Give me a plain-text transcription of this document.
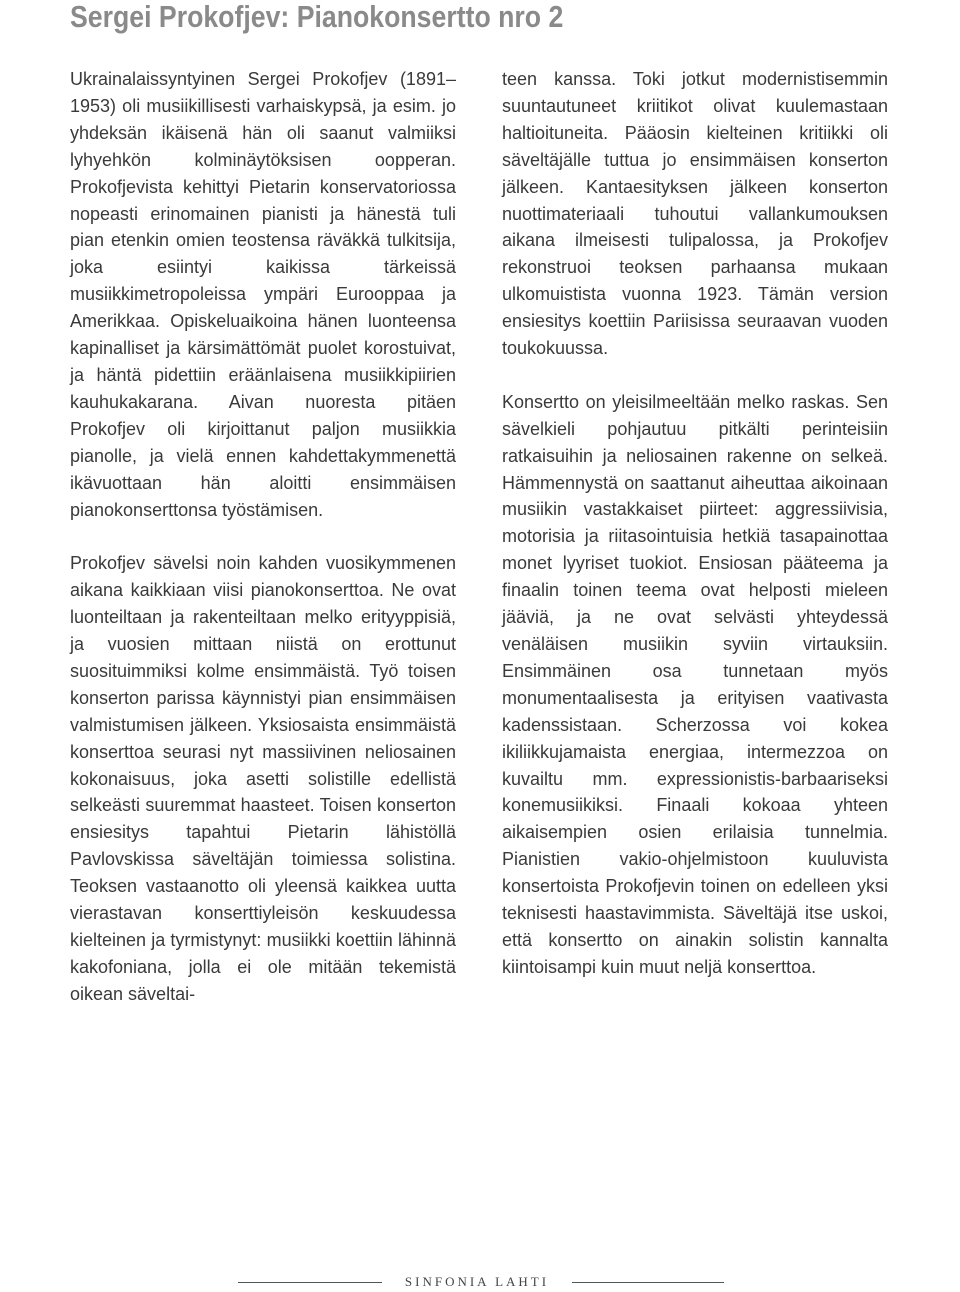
Sergei Prokofjev: Pianokonsertto nro 2

Ukrainalaissyntyinen Sergei Prokofjev (1891–1953) oli musiikillisesti varhaiskypsä, ja esim. jo yhdeksän ikäisenä hän oli saanut valmiiksi lyhyehkön kolminäytöksisen oopperan. Prokofjevista kehittyi Pietarin konservatoriossa nopeasti erinomainen pianisti ja hänestä tuli pian etenkin omien teostensa räväkkä tulkitsija, joka esiintyi kaikissa tärkeissä musiikkimetropoleissa ympäri Eurooppaa ja Amerikkaa. Opiskeluaikoina hänen luonteensa kapinalliset ja kärsimättömät puolet korostuivat, ja häntä pidettiin eräänlaisena musiikkipiirien kauhukakarana. Aivan nuoresta pitäen Prokofjev oli kirjoittanut paljon musiikkia pianolle, ja vielä ennen kahdettakymmenettä ikävuottaan hän aloitti ensimmäisen pianokonserttonsa työstämisen.

Prokofjev sävelsi noin kahden vuosikymmenen aikana kaikkiaan viisi pianokonserttoa. Ne ovat luonteiltaan ja rakenteiltaan melko erityyppisiä, ja vuosien mittaan niistä on erottunut suosituimmiksi kolme ensimmäistä. Työ toisen konserton parissa käynnistyi pian ensimmäisen valmistumisen jälkeen. Yksiosaista ensimmäistä konserttoa seurasi nyt massiivinen neliosainen kokonaisuus, joka asetti solistille edellistä selkeästi suuremmat haasteet. Toisen konserton ensiesitys tapahtui Pietarin lähistöllä Pavlovskissa säveltäjän toimiessa solistina. Teoksen vastaanotto oli yleensä kaikkea uutta vierastavan konserttiyleisön keskuudessa kielteinen ja tyrmistynyt: musiikki koettiin lähinnä kakofoniana, jolla ei ole mitään tekemistä oikean säveltai-

teen kanssa. Toki jotkut modernistisemmin suuntautuneet kriitikot olivat kuulemastaan haltioituneita. Pääosin kielteinen kritiikki oli säveltäjälle tuttua jo ensimmäisen konserton jälkeen. Kantaesityksen jälkeen konserton nuottimateriaali tuhoutui vallankumouksen aikana ilmeisesti tulipalossa, ja Prokofjev rekonstruoi teoksen parhaansa mukaan ulkomuistista vuonna 1923. Tämän version ensiesitys koettiin Pariisissa seuraavan vuoden toukokuussa.

Konsertto on yleisilmeeltään melko raskas. Sen sävelkieli pohjautuu pitkälti perinteisiin ratkaisuihin ja neliosainen rakenne on selkeä. Hämmennystä on saattanut aiheuttaa aikoinaan musiikin vastakkaiset piirteet: aggressiivisia, motorisia ja riitasointuisia hetkiä tasapainottaa monet lyyriset tuokiot. Ensiosan pääteema ja finaalin toinen teema ovat helposti mieleen jääviä, ja ne ovat selvästi yhteydessä venäläisen musiikin syviin virtauksiin. Ensimmäinen osa tunnetaan myös monumentaalisesta ja erityisen vaativasta kadenssistaan. Scherzossa voi kokea ikiliikkujamaista energiaa, intermezzoa on kuvailtu mm. expressionistis-barbaariseksi konemusiikiksi. Finaali kokoaa yhteen aikaisempien osien erilaisia tunnelmia. Pianistien vakio-ohjelmistoon kuuluvista konsertoista Prokofjevin toinen on edelleen yksi teknisesti haastavimmista. Säveltäjä itse uskoi, että konsertto on ainakin solistin kannalta kiintoisampi kuin muut neljä konserttoa.

SINFONIA LAHTI
